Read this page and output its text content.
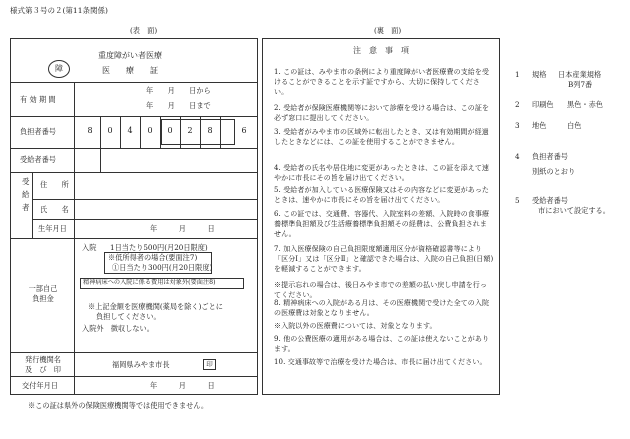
様式第３号の２(第11条関係)
(表　面)	(裏　面)
障
重度障がい者医療
医　　療　　証
有 効 期 間
年　　月　　日から
年　　月　　日まで
負担者番号	8	0	4	0	0	2	8	6
受給者番号
受　給　者
住　　所
氏　　名
生年月日	年　　　月　　　日
一部自己
負担金
入院 1日当たり500円(月20日限度)
※低所得者の場合(要面注7)
①日当たり300円(月20日限度)
精神病床への入院に係る費用は対象外(要面注8)
※上記金額を医療機関(薬局を除く)ごとに
負担してください。
入院外　徴収しない。
発行機関名
及　び　印
福岡県みやま市長	印
交付年月日	年　　　月　　　日
※この証は県外の保険医療機関等では使用できません。
注　意　事　項
1. この証は、みやま市の条例により重度障がい者医療費の支給を受けることができることを示す証ですから、大切に保持してください。
2. 受給者が保険医療機関等において診療を受ける場合は、この証を必ず窓口に提出してください。
3. 受給者がみやま市の区域外に転出したとき、又は有効期間が経過したときなどには、この証を使用することができません。
4. 受給者の氏名や居住地に変更があったときは、この証を添えて速やかに市長にその旨を届け出てください。
5. 受給者が加入している医療保険又はその内容などに変更があったときは、速やかに市長にその旨を届け出てください。
6. この証では、交通費、容器代、入院室料の差額、入院時の食事療養標準負担額及び生活療養標準負担額その経費は、公費負担されません。
7. 加入医療保険の自己負担限度額適用区分が資格確認書等により「区分Ⅰ」又は「区分Ⅱ」と確認できた場合は、入院の自己負担(日額)を軽減することができます。
※提示忘れの場合は、後日みやま市での差額の払い戻し申請を行ってください。
8. 精神病床への入院がある月は、その医療機関で受けた全ての入院の医療費は対象となりません。
※入院以外の医療費については、対象となります。
9. 他の公費医療の適用がある場合は、この証は使えないことがあります。
10. 交通事故等で治療を受けた場合は、市長に届け出てください。
1 規格 日本産業規格
B列7番
2 印刷色 黒色・赤色
3 地色	白色
4 負担者番号
別紙のとおり
5 受給者番号
市において設定する。
